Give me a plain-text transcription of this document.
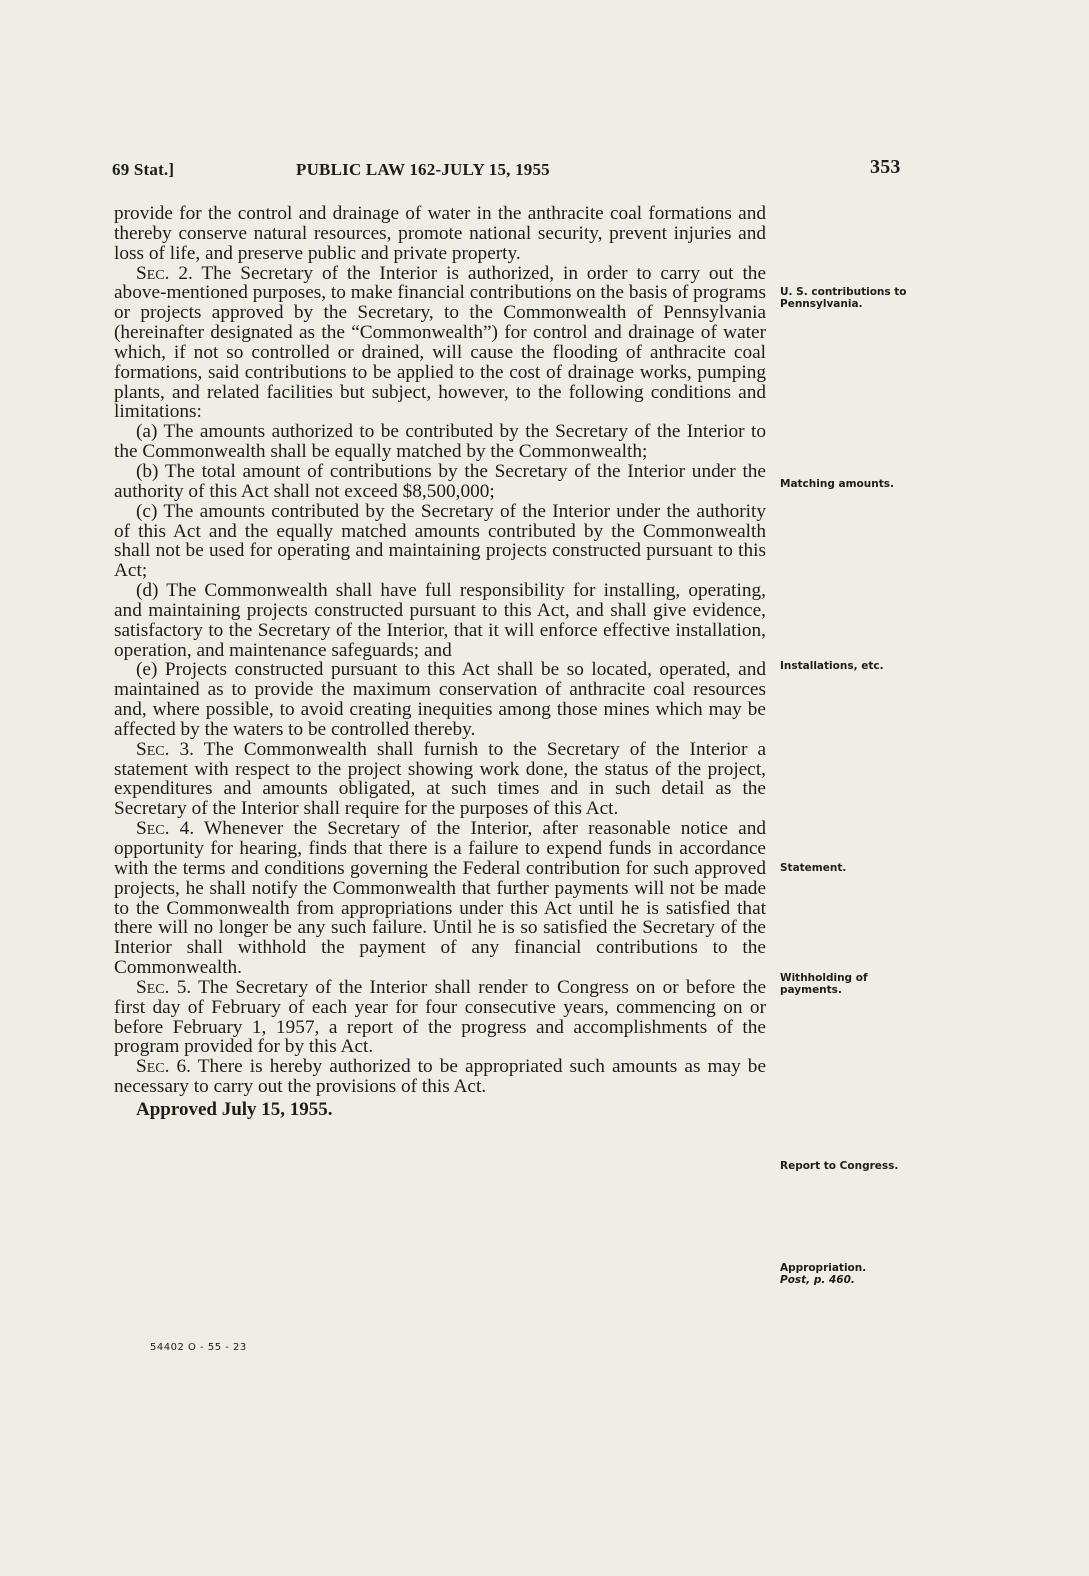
69 Stat.]	PUBLIC LAW 162-JULY 15, 1955	353

provide for the control and drainage of water in the anthracite coal formations and thereby conserve natural resources, promote national security, prevent injuries and loss of life, and preserve public and private property.

Sec. 2. The Secretary of the Interior is authorized, in order to carry out the above-mentioned purposes, to make financial contributions on the basis of programs or projects approved by the Secretary, to the Commonwealth of Pennsylvania (hereinafter designated as the “Commonwealth”) for control and drainage of water which, if not so controlled or drained, will cause the flooding of anthracite coal formations, said contributions to be applied to the cost of drainage works, pumping plants, and related facilities but subject, however, to the following conditions and limitations:

(a) The amounts authorized to be contributed by the Secretary of the Interior to the Commonwealth shall be equally matched by the Commonwealth;

(b) The total amount of contributions by the Secretary of the Interior under the authority of this Act shall not exceed $8,500,000;

(c) The amounts contributed by the Secretary of the Interior under the authority of this Act and the equally matched amounts contributed by the Commonwealth shall not be used for operating and maintaining projects constructed pursuant to this Act;

(d) The Commonwealth shall have full responsibility for installing, operating, and maintaining projects constructed pursuant to this Act, and shall give evidence, satisfactory to the Secretary of the Interior, that it will enforce effective installation, operation, and maintenance safeguards; and

(e) Projects constructed pursuant to this Act shall be so located, operated, and maintained as to provide the maximum conservation of anthracite coal resources and, where possible, to avoid creating inequities among those mines which may be affected by the waters to be controlled thereby.

Sec. 3. The Commonwealth shall furnish to the Secretary of the Interior a statement with respect to the project showing work done, the status of the project, expenditures and amounts obligated, at such times and in such detail as the Secretary of the Interior shall require for the purposes of this Act.

Sec. 4. Whenever the Secretary of the Interior, after reasonable notice and opportunity for hearing, finds that there is a failure to expend funds in accordance with the terms and conditions governing the Federal contribution for such approved projects, he shall notify the Commonwealth that further payments will not be made to the Commonwealth from appropriations under this Act until he is satisfied that there will no longer be any such failure. Until he is so satisfied the Secretary of the Interior shall withhold the payment of any financial contributions to the Commonwealth.

Sec. 5. The Secretary of the Interior shall render to Congress on or before the first day of February of each year for four consecutive years, commencing on or before February 1, 1957, a report of the progress and accomplishments of the program provided for by this Act.

Sec. 6. There is hereby authorized to be appropriated such amounts as may be necessary to carry out the provisions of this Act.

Approved July 15, 1955.

U. S. contributions to Pennsylvania.
Matching amounts.
Installations, etc.
Statement.
Withholding of payments.
Report to Congress.
Appropriation.
Post, p. 460.
54402 O - 55 - 23
